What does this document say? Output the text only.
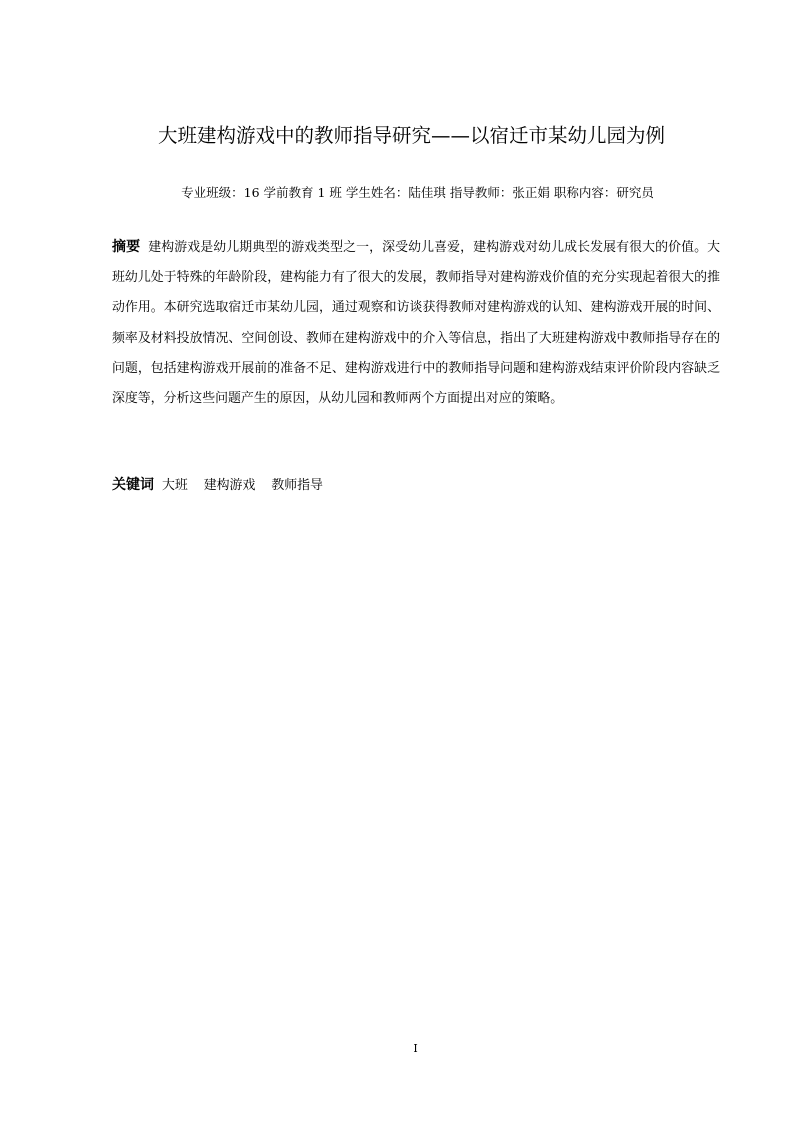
大班建构游戏中的教师指导研究——以宿迁市某幼儿园为例
专业班级：16 学前教育 1 班 学生姓名：陆佳琪 指导教师：张正娟 职称内容：研究员

摘要 建构游戏是幼儿期典型的游戏类型之一，深受幼儿喜爱，建构游戏对幼儿成长发展有很大的价值。大班幼儿处于特殊的年龄阶段，建构能力有了很大的发展，教师指导对建构游戏价值的充分实现起着很大的推动作用。本研究选取宿迁市某幼儿园，通过观察和访谈获得教师对建构游戏的认知、建构游戏开展的时间、频率及材料投放情况、空间创设、教师在建构游戏中的介入等信息，指出了大班建构游戏中教师指导存在的问题，包括建构游戏开展前的准备不足、建构游戏进行中的教师指导问题和建构游戏结束评价阶段内容缺乏深度等，分析这些问题产生的原因，从幼儿园和教师两个方面提出对应的策略。

关键词 大班 建构游戏 教师指导

I
